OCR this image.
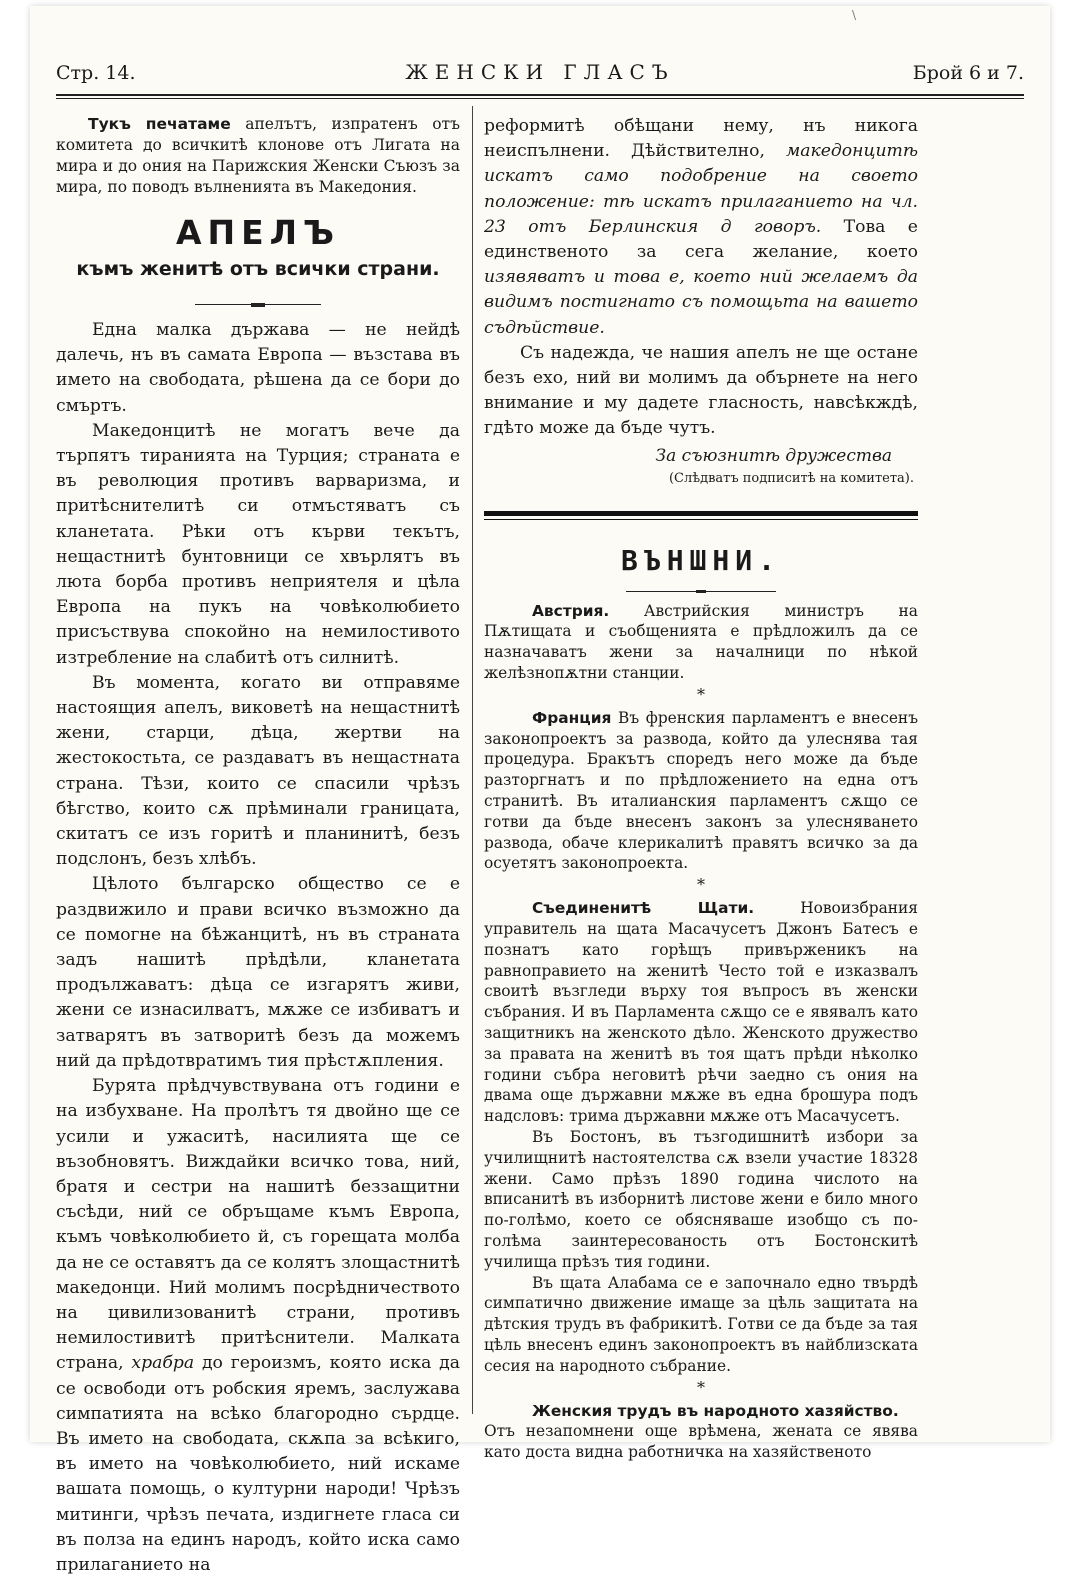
\
Стр. 14.	ЖЕНСКИ ГЛАСЪ	Брой 6 и 7.

Тукъ печатаме апелътъ, изпратенъ отъ комитета до всичкитѣ клонове отъ Лигата на мира и до ония на Парижския Женски Съюзъ за мира, по поводъ вълненията въ Македония.

АПЕЛЪ
къмъ женитѣ отъ всички страни.

Една малка държава — не нейдѣ далечь, нъ въ самата Европа — възстава въ името на свободата, рѣшена да се бори до смъртъ.

Македонцитѣ не могатъ вече да търпятъ тиранията на Турция; страната е въ революция противъ варваризма, и притѣснителитѣ си отмъстяватъ съ кланетата. Рѣки отъ кърви текътъ, нещастнитѣ бунтовници се хвърлятъ въ люта борба противъ неприятеля и цѣла Европа на пукъ на човѣколюбието присъствува спокойно на немилостивото изтребление на слабитѣ отъ силнитѣ.

Въ момента, когато ви отправяме настоящия апелъ, виковетѣ на нещастнитѣ жени, старци, дѣца, жертви на жестокостьта, се раздаватъ въ нещастната страна. Тѣзи, които се спасили чрѣзъ бѣгство, които сѫ прѣминали границата, скитатъ се изъ горитѣ и планинитѣ, безъ подслонъ, безъ хлѣбъ.

Цѣлото българско общество се е раздвижило и прави всичко възможно да се помогне на бѣжанцитѣ, нъ въ страната задъ нашитѣ прѣдѣли, кланетата продължаватъ: дѣца се изгарятъ живи, жени се изнасилватъ, мѫже се избиватъ и затварятъ въ затворитѣ безъ да можемъ ний да прѣдотвратимъ тия прѣстѫпления.

Бурята прѣдчувствувана отъ години е на избухване. На пролѣтъ тя двойно ще се усили и ужаситѣ, насилията ще се възобновятъ. Виждайки всичко това, ний, братя и сестри на нашитѣ беззащитни съсѣди, ний се обръщаме къмъ Европа, къмъ човѣколюбието й, съ горещата молба да не се оставятъ да се колятъ злощастнитѣ македонци. Ний молимъ посрѣдничеството на цивилизованитѣ страни, противъ немилостивитѣ притѣснители. Малката страна, храбра до героизмъ, която иска да се освободи отъ робския яремъ, заслужава симпатията на всѣко благородно сърдце. Въ името на свободата, скѫпа за всѣкиго, въ името на човѣколюбието, ний искаме вашата помощь, о културни народи! Чрѣзъ митинги, чрѣзъ печата, издигнете гласа си въ полза на единъ народъ, който иска само прилаганието на

реформитѣ обѣщани нему, нъ никога неиспълнени. Дѣйствително, македонцитѣ искатъ само подобрение на своето положение: тѣ искатъ прилаганието на чл. 23 отъ Берлинския д говоръ. Това е единственото за сега желание, което изявяватъ и това е, което ний желаемъ да видимъ постигнато съ помощьта на вашето съдѣйствие.

Съ надежда, че нашия апелъ не ще остане безъ ехо, ний ви молимъ да обърнете на него внимание и му дадете гласность, навсѣкждѣ, гдѣто може да бъде чутъ.

За съюзнитѣ дружества
(Слѣдватъ подписитѣ на комитета).
ВЪНШНИ.

Австрия. Австрийския министръ на Пѫтищата и съобщенията е прѣдложилъ да се назначаватъ жени за началници по нѣкой желѣзнопѫтни станции.

*

Франция Въ френския парламентъ е внесенъ законопроектъ за развода, който да улеснява тая процедура. Бракътъ споредъ него може да бъде разторгнатъ и по прѣдложението на една отъ странитѣ. Въ италианския парламентъ сѫщо се готви да бъде внесенъ законъ за улесняването развода, обаче клерикалитѣ правятъ всичко за да осуетятъ законопроекта.

*

Съединенитѣ Щати.	Новоизбрания управитель на щата Масачусетъ Джонъ Батесъ е познатъ като горѣщъ привърженикъ на равноправието на женитѣ Често той е изказвалъ своитѣ възгледи върху тоя въпросъ въ женски събрания. И въ Парламента сѫщо се е явявалъ като защитникъ на женското дѣло. Женското дружество за правата на женитѣ въ тоя щатъ прѣди нѣколко години събра неговитѣ рѣчи заедно съ ония на двама още държавни мѫже въ една брошура подъ надсловъ: трима държавни мѫже отъ Масачусетъ.

Въ Бостонъ, въ тъзгодишнитѣ избори за училищнитѣ настоятелства сѫ взели участие 18328 жени. Само прѣзъ 1890 година числото на вписанитѣ въ изборнитѣ листове жени е било много по-голѣмо, което се обясняваше изобщо съ по-голѣма заинтересованость отъ Бостонскитѣ училища прѣзъ тия години.

Въ щата Алабама се е започнало едно твърдѣ симпатично движение имаще за цѣль защитата на дѣтския трудъ въ фабрикитѣ. Готви се да бъде за тая цѣль внесенъ единъ законопроектъ въ найблизската сесия на народното събрание.

*

Женския трудъ въ народното хазяйство.
Отъ незапомнени още врѣмена, жената се явява като доста видна работничка на хазяйственото
